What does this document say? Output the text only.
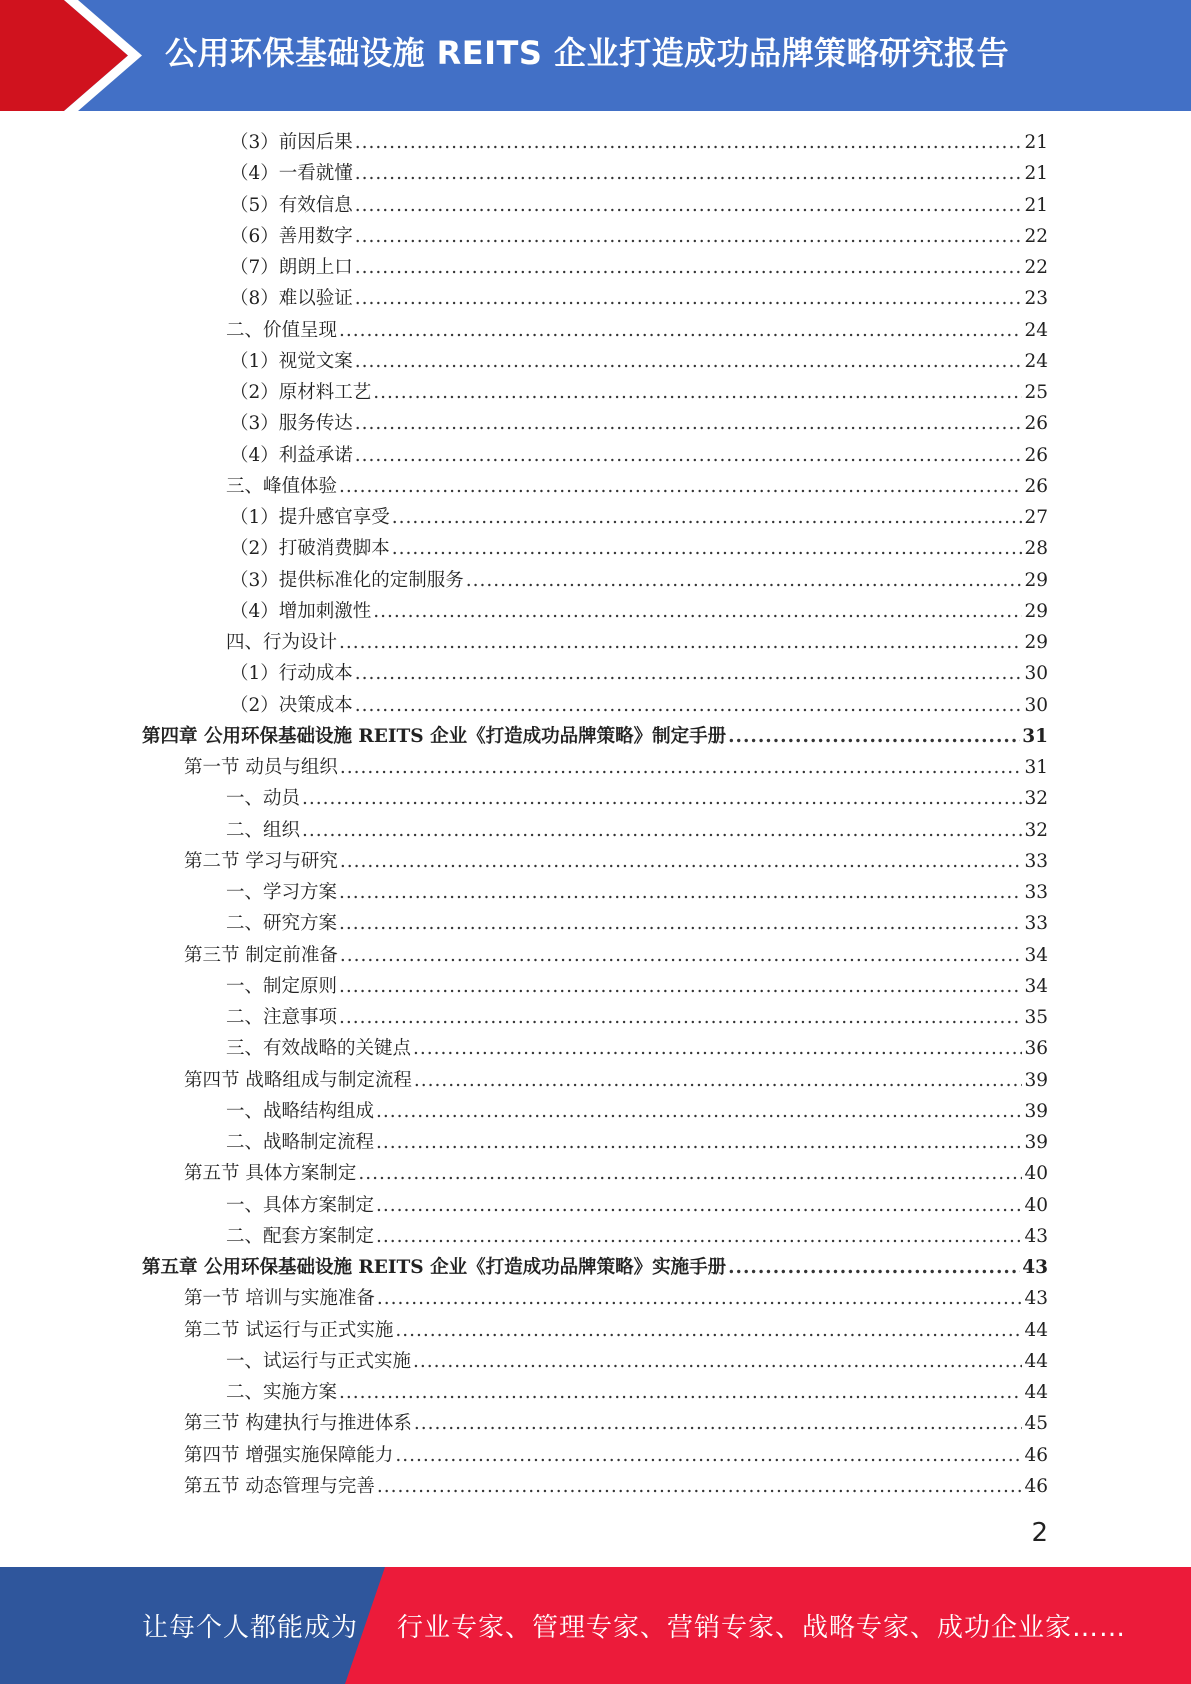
公用环保基础设施 REITS 企业打造成功品牌策略研究报告
（3）前因后果 .....	21
（4）一看就懂 .....	21
（5）有效信息 .....	21
（6）善用数字 .....	22
（7）朗朗上口 .....	22
（8）难以验证 .....	23
二、价值呈现 .....	24
（1）视觉文案 .....	24
（2）原材料工艺 .....	25
（3）服务传达 .....	26
（4）利益承诺 .....	26
三、峰值体验 .....	26
（1）提升感官享受 .....	27
（2）打破消费脚本 .....	28
（3）提供标准化的定制服务 .....	29
（4）增加刺激性 .....	29
四、行为设计 .....	29
（1）行动成本 .....	30
（2）决策成本 .....	30
第四章 公用环保基础设施 REITS 企业《打造成功品牌策略》制定手册 .....	31
第一节 动员与组织 .....	31
一、动员 .....	32
二、组织 .....	32
第二节 学习与研究 .....	33
一、学习方案 .....	33
二、研究方案 .....	33
第三节 制定前准备 .....	34
一、制定原则 .....	34
二、注意事项 .....	35
三、有效战略的关键点 .....	36
第四节 战略组成与制定流程 .....	39
一、战略结构组成 .....	39
二、战略制定流程 .....	39
第五节 具体方案制定 .....	40
一、具体方案制定 .....	40
二、配套方案制定 .....	43
第五章 公用环保基础设施 REITS 企业《打造成功品牌策略》实施手册 .....	43
第一节 培训与实施准备 .....	43
第二节 试运行与正式实施 .....	44
一、试运行与正式实施 .....	44
二、实施方案 .....	44
第三节 构建执行与推进体系 .....	45
第四节 增强实施保障能力 .....	46
第五节 动态管理与完善 .....	46
2
让每个人都能成为 行业专家、管理专家、营销专家、战略专家、成功企业家……
